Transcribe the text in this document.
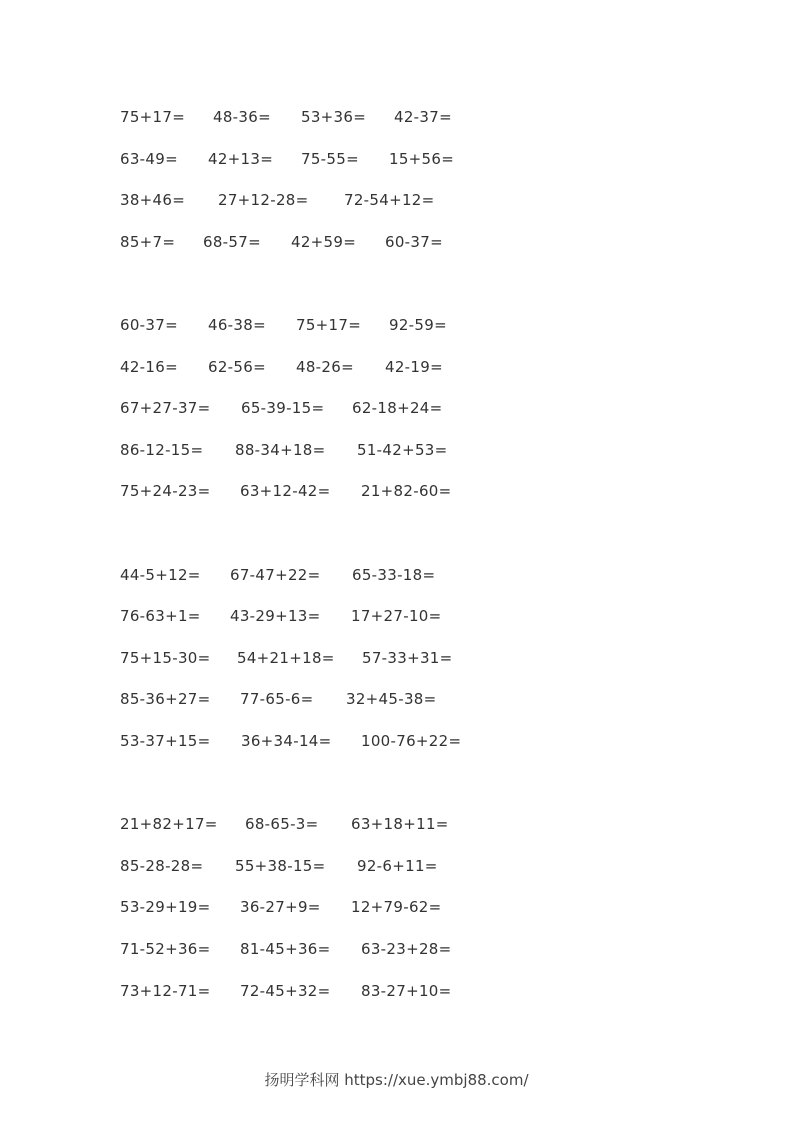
75+17= 48-36= 53+36= 42-37=
63-49= 42+13= 75-55= 15+56=
38+46= 27+12-28= 72-54+12=
85+7= 68-57= 42+59= 60-37=
60-37= 46-38= 75+17= 92-59=
42-16= 62-56= 48-26= 42-19=
67+27-37= 65-39-15= 62-18+24=
86-12-15= 88-34+18= 51-42+53=
75+24-23= 63+12-42= 21+82-60=
44-5+12= 67-47+22= 65-33-18=
76-63+1= 43-29+13= 17+27-10=
75+15-30= 54+21+18= 57-33+31=
85-36+27= 77-65-6= 32+45-38=
53-37+15= 36+34-14= 100-76+22=
21+82+17= 68-65-3= 63+18+11=
85-28-28= 55+38-15= 92-6+11=
53-29+19= 36-27+9= 12+79-62=
71-52+36= 81-45+36= 63-23+28=
73+12-71= 72-45+32= 83-27+10=
扬明学科网 https://xue.ymbj88.com/
